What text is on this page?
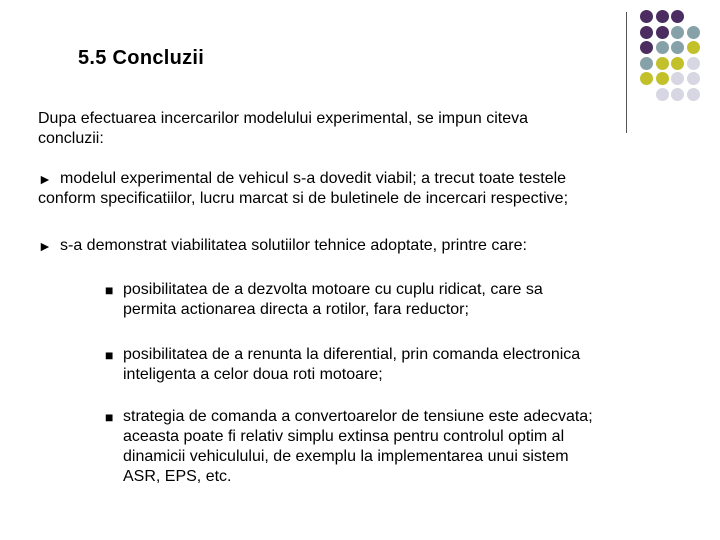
5.5 Concluzii
Dupa efectuarea incercarilor modelului experimental, se impun citeva
concluzii:
► modelul experimental de vehicul s-a dovedit viabil; a trecut toate testele
conform specificatiilor, lucru marcat si de buletinele de incercari respective;
► s-a demonstrat viabilitatea solutiilor tehnice adoptate, printre care:
■ posibilitatea de a dezvolta motoare cu cuplu ridicat, care sa
permita actionarea directa a rotilor, fara reductor;
■ posibilitatea de a renunta la diferential, prin comanda electronica
inteligenta a celor doua roti motoare;
■ strategia de comanda a convertoarelor de tensiune este adecvata;
aceasta poate fi relativ simplu extinsa pentru controlul optim al
dinamicii vehiculului, de exemplu la implementarea unui sistem
ASR, EPS, etc.
